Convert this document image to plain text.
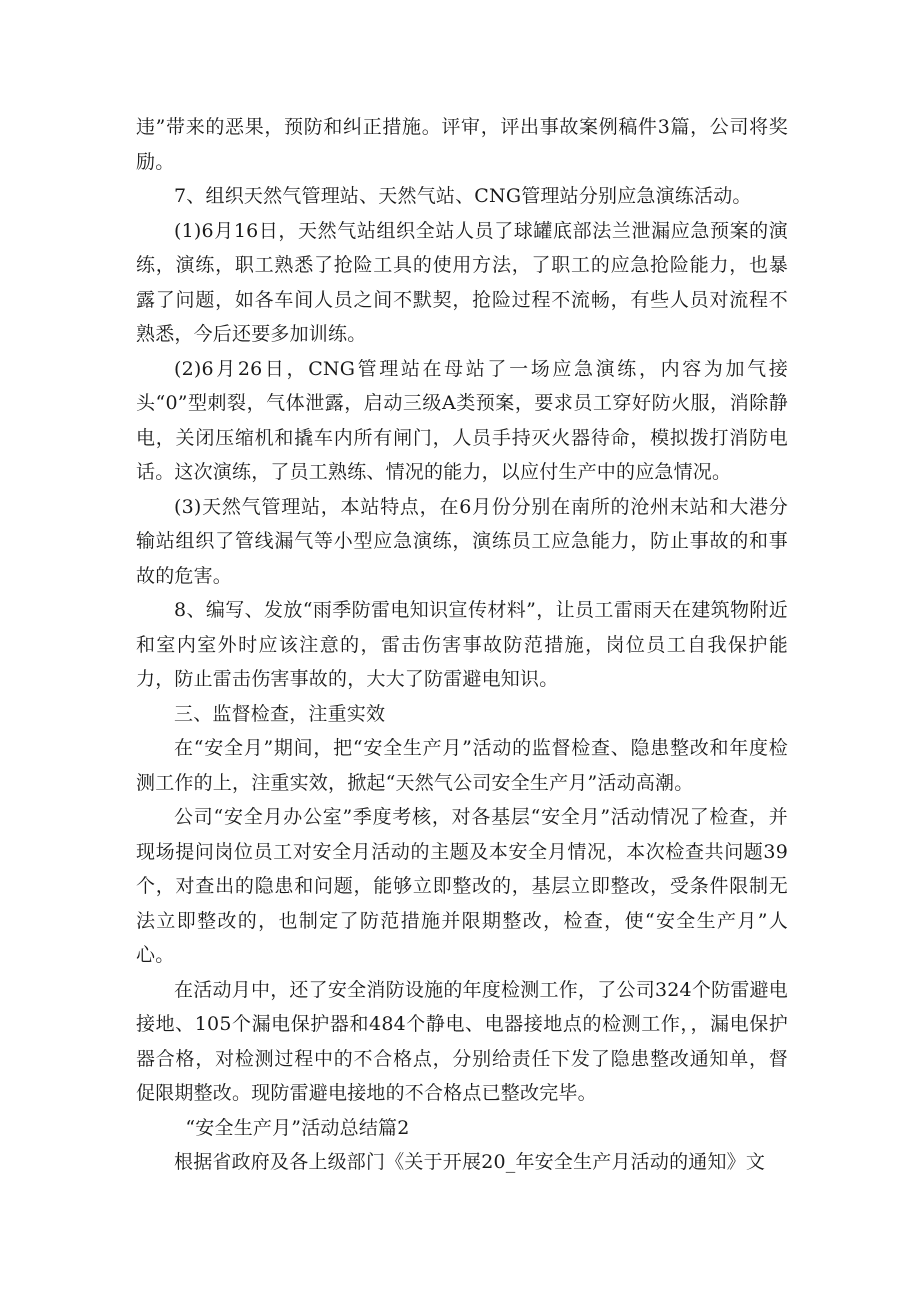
违”带来的恶果，预防和纠正措施。评审，评出事故案例稿件3篇，公司将奖励。

7、组织天然气管理站、天然气站、CNG管理站分别应急演练活动。

(1)6月16日，天然气站组织全站人员了球罐底部法兰泄漏应急预案的演练，演练，职工熟悉了抢险工具的使用方法，了职工的应急抢险能力，也暴露了问题，如各车间人员之间不默契，抢险过程不流畅，有些人员对流程不熟悉，今后还要多加训练。

(2)6月26日，CNG管理站在母站了一场应急演练，内容为加气接头“0”型刺裂，气体泄露，启动三级A类预案，要求员工穿好防火服，消除静电，关闭压缩机和撬车内所有闸门，人员手持灭火器待命，模拟拨打消防电话。这次演练，了员工熟练、情况的能力，以应付生产中的应急情况。

(3)天然气管理站，本站特点，在6月份分别在南所的沧州末站和大港分输站组织了管线漏气等小型应急演练，演练员工应急能力，防止事故的和事故的危害。

8、编写、发放“雨季防雷电知识宣传材料”，让员工雷雨天在建筑物附近和室内室外时应该注意的，雷击伤害事故防范措施，岗位员工自我保护能力，防止雷击伤害事故的，大大了防雷避电知识。

三、监督检查，注重实效

在“安全月”期间，把“安全生产月”活动的监督检查、隐患整改和年度检测工作的上，注重实效，掀起“天然气公司安全生产月”活动高潮。

公司“安全月办公室”季度考核，对各基层“安全月”活动情况了检查，并现场提问岗位员工对安全月活动的主题及本安全月情况，本次检查共问题39个，对查出的隐患和问题，能够立即整改的，基层立即整改，受条件限制无法立即整改的，也制定了防范措施并限期整改，检查，使“安全生产月”人心。

在活动月中，还了安全消防设施的年度检测工作，了公司324个防雷避电接地、105个漏电保护器和484个静电、电器接地点的检测工作，，漏电保护器合格，对检测过程中的不合格点，分别给责任下发了隐患整改通知单，督促限期整改。现防雷避电接地的不合格点已整改完毕。

“安全生产月”活动总结篇2

根据省政府及各上级部门《关于开展20_年安全生产月活动的通知》文
